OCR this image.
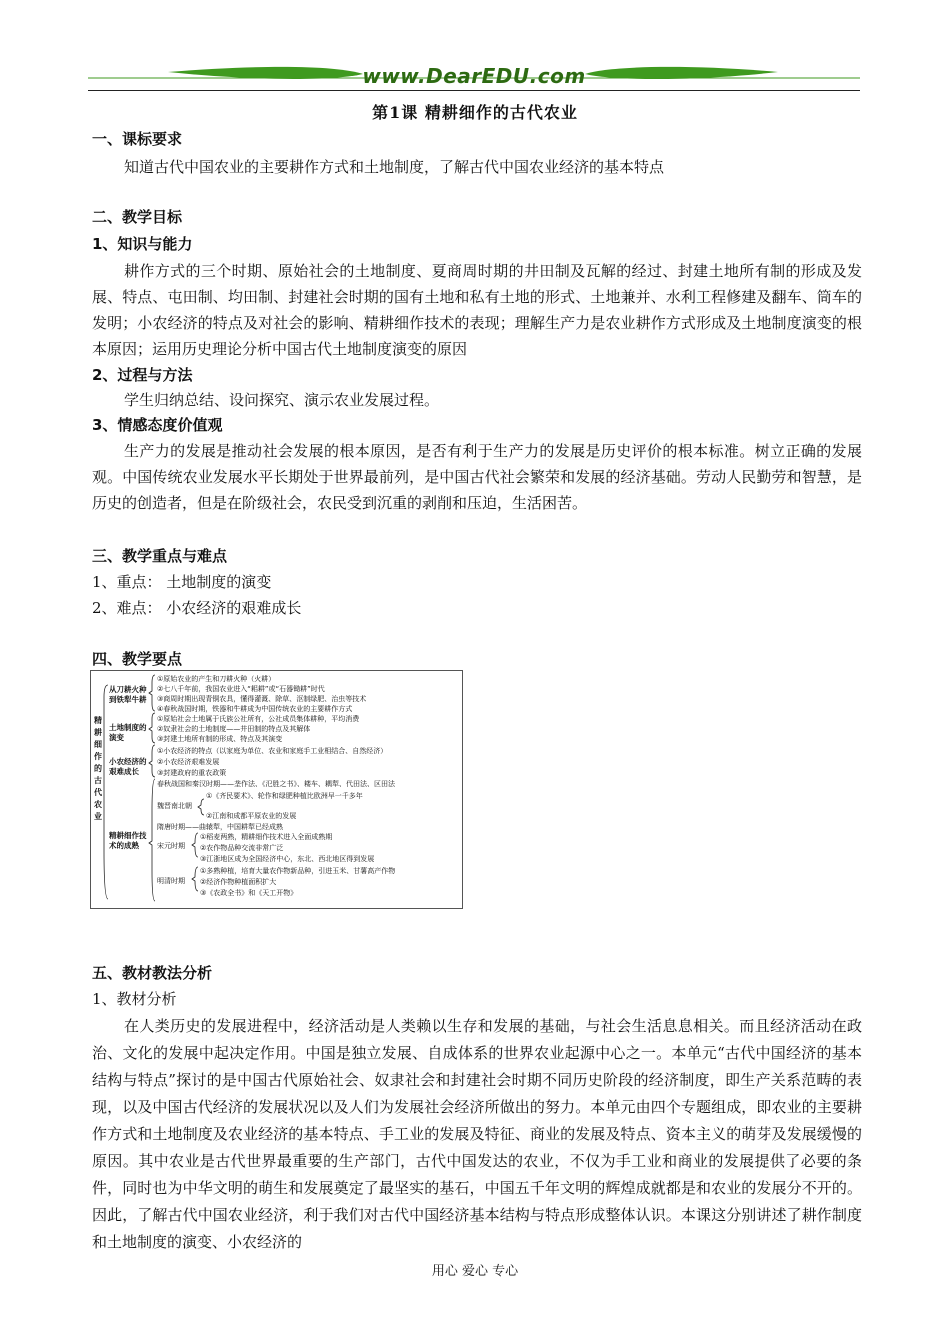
www.DearEDU.com
第1课 精耕细作的古代农业
一、课标要求
知道古代中国农业的主要耕作方式和土地制度，了解古代中国农业经济的基本特点
二、教学目标
1、知识与能力

耕作方式的三个时期、原始社会的土地制度、夏商周时期的井田制及瓦解的经过、封建土地所有制的形成及发展、特点、屯田制、均田制、封建社会时期的国有土地和私有土地的形式、土地兼并、水利工程修建及翻车、筒车的发明；小农经济的特点及对社会的影响、精耕细作技术的表现；理解生产力是农业耕作方式形成及土地制度演变的根本原因；运用历史理论分析中国古代土地制度演变的原因

2、过程与方法
学生归纳总结、设问探究、演示农业发展过程。
3、情感态度价值观

生产力的发展是推动社会发展的根本原因，是否有利于生产力的发展是历史评价的根本标准。树立正确的发展观。中国传统农业发展水平长期处于世界最前列，是中国古代社会繁荣和发展的经济基础。劳动人民勤劳和智慧，是历史的创造者，但是在阶级社会，农民受到沉重的剥削和压迫，生活困苦。

三、教学重点与难点
1、重点： 土地制度的演变
2、难点： 小农经济的艰难成长
四、教学要点
精耕细作的古代农业
从刀耕火种到铁犁牛耕
①原始农业的产生和刀耕火种（火耕）
②七八千年前，我国农业进入“耜耕”或“石器锄耕”时代
③商周时期出现青铜农具，懂得灌溉、除草、沤制绿肥、治虫等技术
④春秋战国时期，铁器和牛耕成为中国传统农业的主要耕作方式
土地制度的演变
①原始社会土地属于氏族公社所有，公社成员集体耕种，平均消费
②奴隶社会的土地制度——井田制的特点及其解体
③封建土地所有制的形成、特点及其演变
小农经济的艰难成长
①小农经济的特点（以家庭为单位、农业和家庭手工业相结合、自然经济）
②小农经济艰难发展
③封建政府的重农政策
精耕细作技术的成熟
春秋战国和秦汉时期——垄作法、《氾胜之书》、耧车、耦犁、代田法、区田法
魏晋南北朝
①《齐民要术》、轮作和绿肥种植比欧洲早一千多年
②江南和成都平原农业的发展
隋唐时期——曲辕犁，中国耕犁已经成熟
宋元时期
①稻麦两熟，精耕细作技术进入全面成熟期
②农作物品种交流非常广泛
③江浙地区成为全国经济中心，东北、西北地区得到发展
明清时期
①多熟种植，培育大量农作物新品种，引进玉米、甘薯高产作物
②经济作物种植面积扩大
③《农政全书》和《天工开物》
五、教材教法分析
1、教材分析

在人类历史的发展进程中，经济活动是人类赖以生存和发展的基础，与社会生活息息相关。而且经济活动在政治、文化的发展中起决定作用。中国是独立发展、自成体系的世界农业起源中心之一。本单元“古代中国经济的基本结构与特点”探讨的是中国古代原始社会、奴隶社会和封建社会时期不同历史阶段的经济制度，即生产关系范畴的表现，以及中国古代经济的发展状况以及人们为发展社会经济所做出的努力。本单元由四个专题组成，即农业的主要耕作方式和土地制度及农业经济的基本特点、手工业的发展及特征、商业的发展及特点、资本主义的萌芽及发展缓慢的原因。其中农业是古代世界最重要的生产部门，古代中国发达的农业，不仅为手工业和商业的发展提供了必要的条件，同时也为中华文明的萌生和发展奠定了最坚实的基石，中国五千年文明的辉煌成就都是和农业的发展分不开的。因此，了解古代中国农业经济，利于我们对古代中国经济基本结构与特点形成整体认识。本课这分别讲述了耕作制度和土地制度的演变、小农经济的

用心 爱心 专心
